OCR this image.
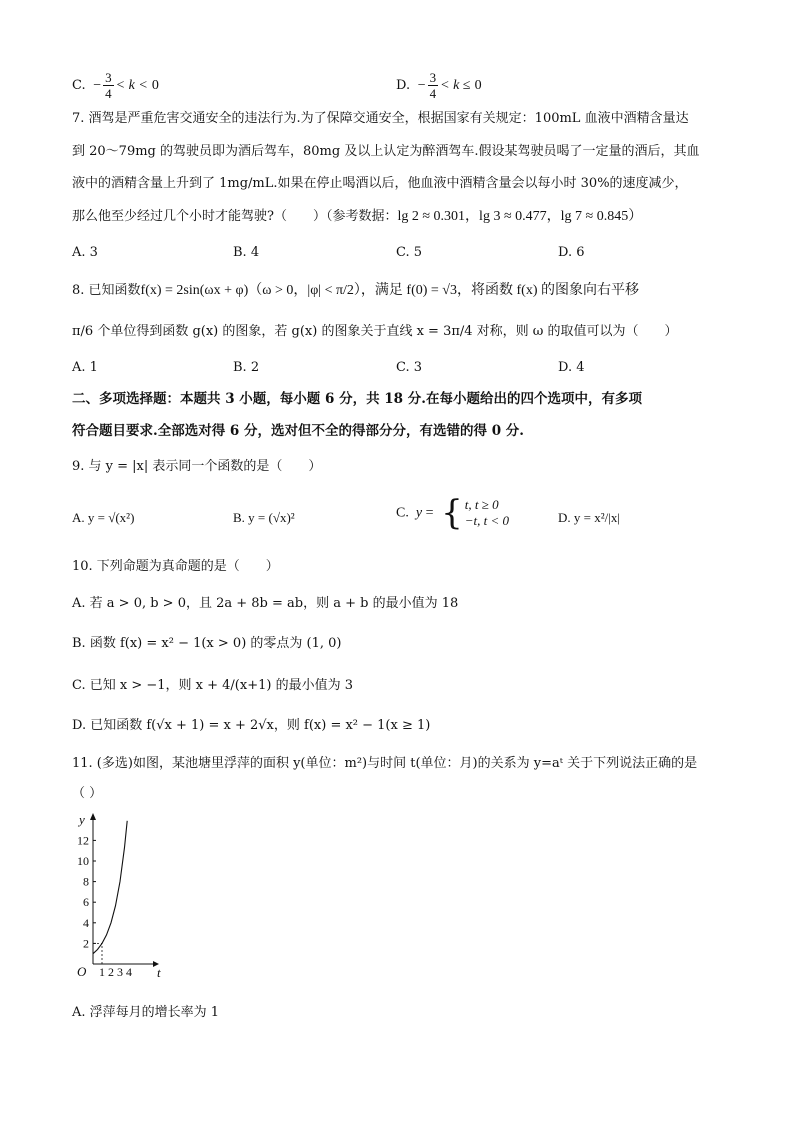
C.  − $\frac{3}{4} < k < 0$	D.  − $\frac{3}{4} < k \le 0$
7. 酒驾是严重危害交通安全的违法行为.为了保障交通安全，根据国家有关规定：100mL 血液中酒精含量达
到 20～79mg 的驾驶员即为酒后驾车，80mg 及以上认定为醉酒驾车.假设某驾驶员喝了一定量的酒后，其血
液中的酒精含量上升到了 1mg/mL.如果在停止喝酒以后，他血液中酒精含量会以每小时 30%的速度减少，
那么他至少经过几个小时才能驾驶?（　　）（参考数据：lg 2 ≈ 0.301，lg 3 ≈ 0.477，lg 7 ≈ 0.845）
A. 3	B. 4	C. 5	D. 6
8. 已知函数f(x) = 2sin(ωx + φ)（ω > 0，|φ| < π/2），满足 f(0) = √3，将函数 f(x) 的图象向右平移
π/6 个单位得到函数 g(x) 的图象，若 g(x) 的图象关于直线 x = 3π/4 对称，则 ω 的取值可以为（　　）
A. 1	B. 2	C. 3	D. 4
二、多项选择题：本题共 3 小题，每小题 6 分，共 18 分.在每小题给出的四个选项中，有多项
符合题目要求.全部选对得 6 分，选对但不全的得部分分，有选错的得 0 分.
9. 与 y = |x| 表示同一个函数的是（　　）
A. y = √(x²)	B. y = (√x)²	C.  y = { t, t ≥ 0
−t, t < 0	D. y = x²/|x|
10. 下列命题为真命题的是（　　）
A. 若 a > 0, b > 0，且 2a + 8b = ab，则 a + b 的最小值为 18
B. 函数 f(x) = x² − 1(x > 0) 的零点为 (1, 0)
C. 已知 x > −1，则 x + 4/(x+1) 的最小值为 3
D. 已知函数 f(√x + 1) = x + 2√x，则 f(x) = x² − 1(x ≥ 1)
11. (多选)如图，某池塘里浮萍的面积 y(单位：m²)与时间 t(单位：月)的关系为 y=aᵗ 关于下列说法正确的是
（ ）
y
t
O
2
4
6
8
10
12
1 2 3 4
A. 浮萍每月的增长率为 1
